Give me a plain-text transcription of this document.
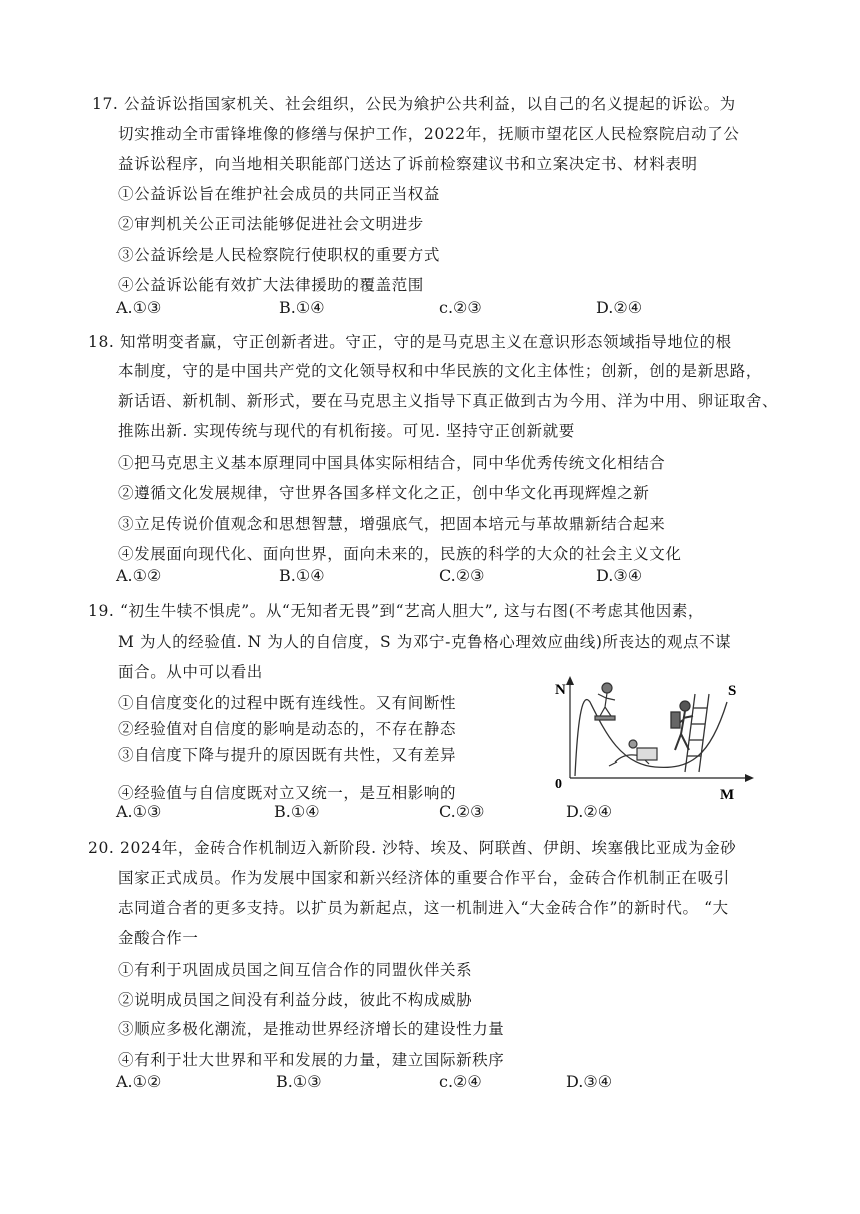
17. 公益诉讼指国家机关、社会组织，公民为飨护公共利益，以自己的名义提起的诉讼。为
切实推动全市雷锋堆像的修缮与保护工作，2022年，抚顺市望花区人民检察院启动了公
益诉讼程序，向当地相关职能部门送达了诉前检察建议书和立案决定书、材料表明
①公益诉讼旨在维护社会成员的共同正当权益
②审判机关公正司法能够促进社会文明进步
③公益诉绘是人民检察院行使职权的重要方式
④公益诉讼能有效扩大法律援助的覆盖范围
A.①③	B.①④	c.②③	D.②④
18. 知常明变者赢，守正创新者进。守正，守的是马克思主义在意识形态领域指导地位的根
本制度，守的是中国共产党的文化领导权和中华民族的文化主体性；创新，创的是新思路，
新话语、新机制、新形式，要在马克思主义指导下真正做到古为今用、洋为中用、卵证取舍、
推陈出新. 实现传统与现代的有机衔接。可见. 坚持守正创新就要
①把马克思主义基本原理同中国具体实际相结合，同中华优秀传统文化相结合
②遵循文化发展规律，守世界各国多样文化之正，创中华文化再现辉煌之新
③立足传说价值观念和思想智慧，增强底气，把固本培元与革故鼎新结合起来
④发展面向现代化、面向世界，面向未来的，民族的科学的大众的社会主义文化
A.①②	B.①④	C.②③	D.③④
19. “初生牛犊不惧虎”。从“无知者无畏”到“艺高人胆大”, 这与右图(不考虑其他因素，
M 为人的经验值. N 为人的自信度，S 为邓宁-克鲁格心理效应曲线)所丧达的观点不谋
面合。从中可以看出
①自信度变化的过程中既有连线性。又有间断性
②经验值对自信度的影响是动态的，不存在静态
③自信度下降与提升的原因既有共性，又有差异
④经验值与自信度既对立又统一，是互相影响的
A.①③	B.①④	C.②③	D.②④
N
0
M
S
20. 2024年，金砖合作机制迈入新阶段. 沙特、埃及、阿联酋、伊朗、埃塞俄比亚成为金砂
国家正式成员。作为发展中国家和新兴经济体的重要合作平台，金砖合作机制正在吸引
志同道合者的更多支持。以扩员为新起点，这一机制进入“大金砖合作”的新时代。 “大
金酸合作一
①有利于巩固成员国之间互信合作的同盟伙伴关系
②说明成员国之间没有利益分歧，彼此不构成威胁
③顺应多极化潮流，是推动世界经济增长的建设性力量
④有利于壮大世界和平和发展的力量，建立国际新秩序
A.①②	B.①③	c.②④	D.③④
